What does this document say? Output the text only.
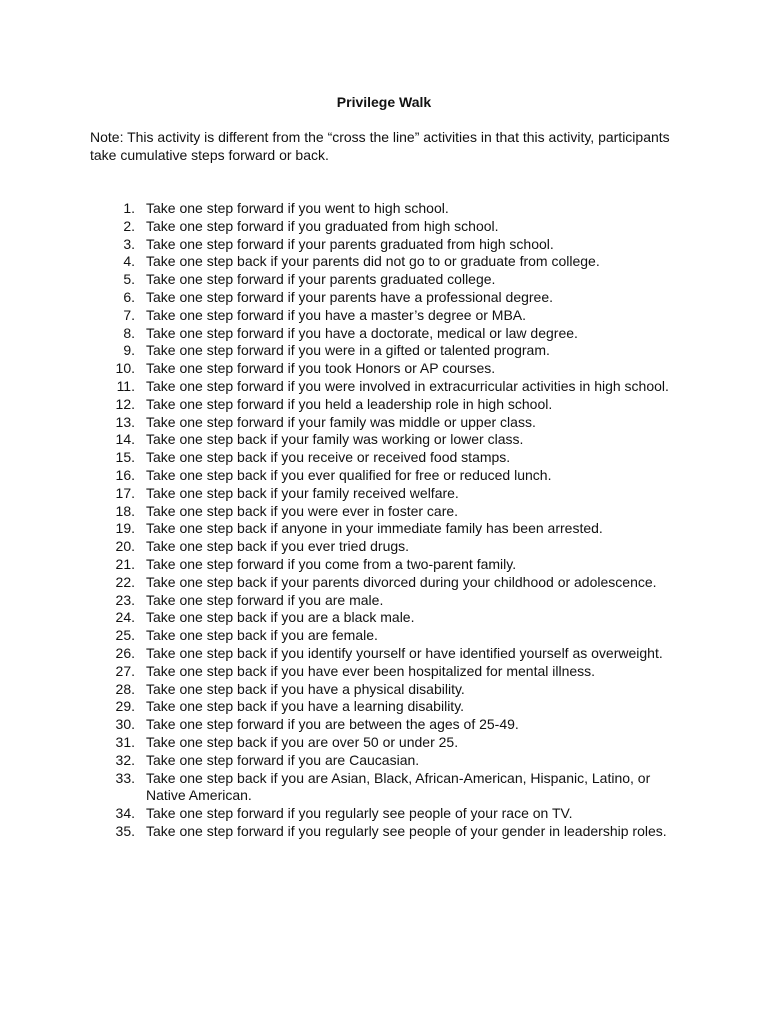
Privilege Walk
Note: This activity is different from the “cross the line” activities in that this activity, participants take cumulative steps forward or back.
1. Take one step forward if you went to high school.
2. Take one step forward if you graduated from high school.
3. Take one step forward if your parents graduated from high school.
4. Take one step back if your parents did not go to or graduate from college.
5. Take one step forward if your parents graduated college.
6. Take one step forward if your parents have a professional degree.
7. Take one step forward if you have a master’s degree or MBA.
8. Take one step forward if you have a doctorate, medical or law degree.
9. Take one step forward if you were in a gifted or talented program.
10. Take one step forward if you took Honors or AP courses.
11. Take one step forward if you were involved in extracurricular activities in high school.
12. Take one step forward if you held a leadership role in high school.
13. Take one step forward if your family was middle or upper class.
14. Take one step back if your family was working or lower class.
15. Take one step back if you receive or received food stamps.
16. Take one step back if you ever qualified for free or reduced lunch.
17. Take one step back if your family received welfare.
18. Take one step back if you were ever in foster care.
19. Take one step back if anyone in your immediate family has been arrested.
20. Take one step back if you ever tried drugs.
21. Take one step forward if you come from a two-parent family.
22. Take one step back if your parents divorced during your childhood or adolescence.
23. Take one step forward if you are male.
24. Take one step back if you are a black male.
25. Take one step back if you are female.
26. Take one step back if you identify yourself or have identified yourself as overweight.
27. Take one step back if you have ever been hospitalized for mental illness.
28. Take one step back if you have a physical disability.
29. Take one step back if you have a learning disability.
30. Take one step forward if you are between the ages of 25-49.
31. Take one step back if you are over 50 or under 25.
32. Take one step forward if you are Caucasian.
33. Take one step back if you are Asian, Black, African-American, Hispanic, Latino, or Native American.
34. Take one step forward if you regularly see people of your race on TV.
35. Take one step forward if you regularly see people of your gender in leadership roles.
